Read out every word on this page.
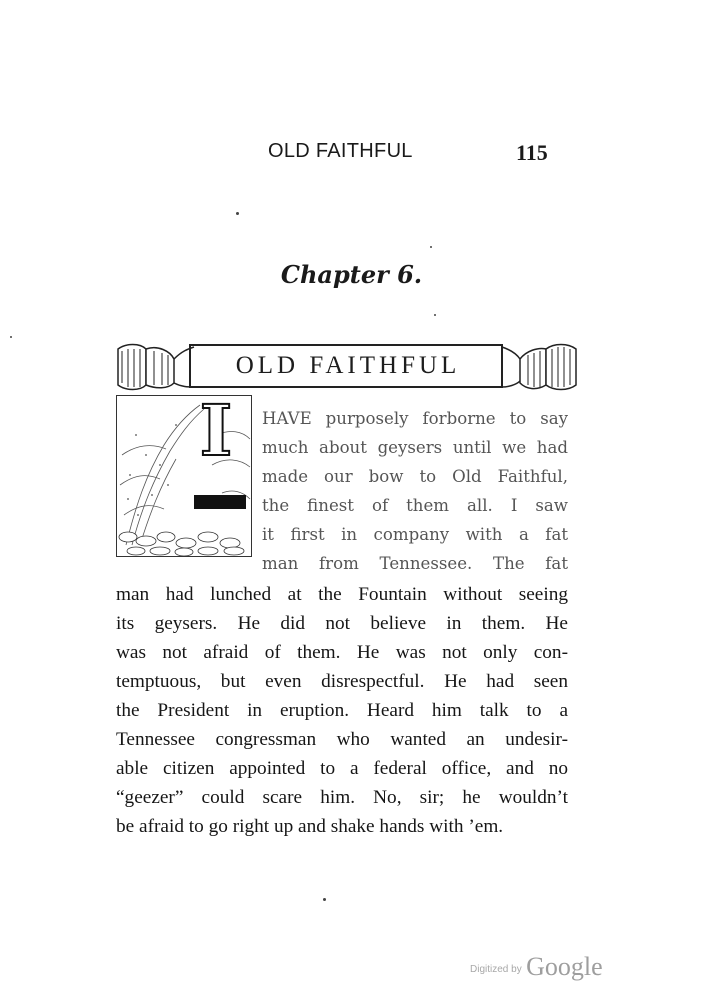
OLD FAITHFUL	115
Chapter 6.
OLD FAITHFUL
I HAVE purposely forborne to say
much about geysers until we had
made our bow to Old Faithful,
the finest of them all. I saw
it first in company with a fat
man from Tennessee. The fat
man had lunched at the Fountain without seeing
its geysers. He did not believe in them. He
was not afraid of them. He was not only con-
temptuous, but even disrespectful. He had seen
the President in eruption. Heard him talk to a
Tennessee congressman who wanted an undesir-
able citizen appointed to a federal office, and no
“geezer” could scare him. No, sir; he wouldn’t
be afraid to go right up and shake hands with ’em.
Digitized by Google
